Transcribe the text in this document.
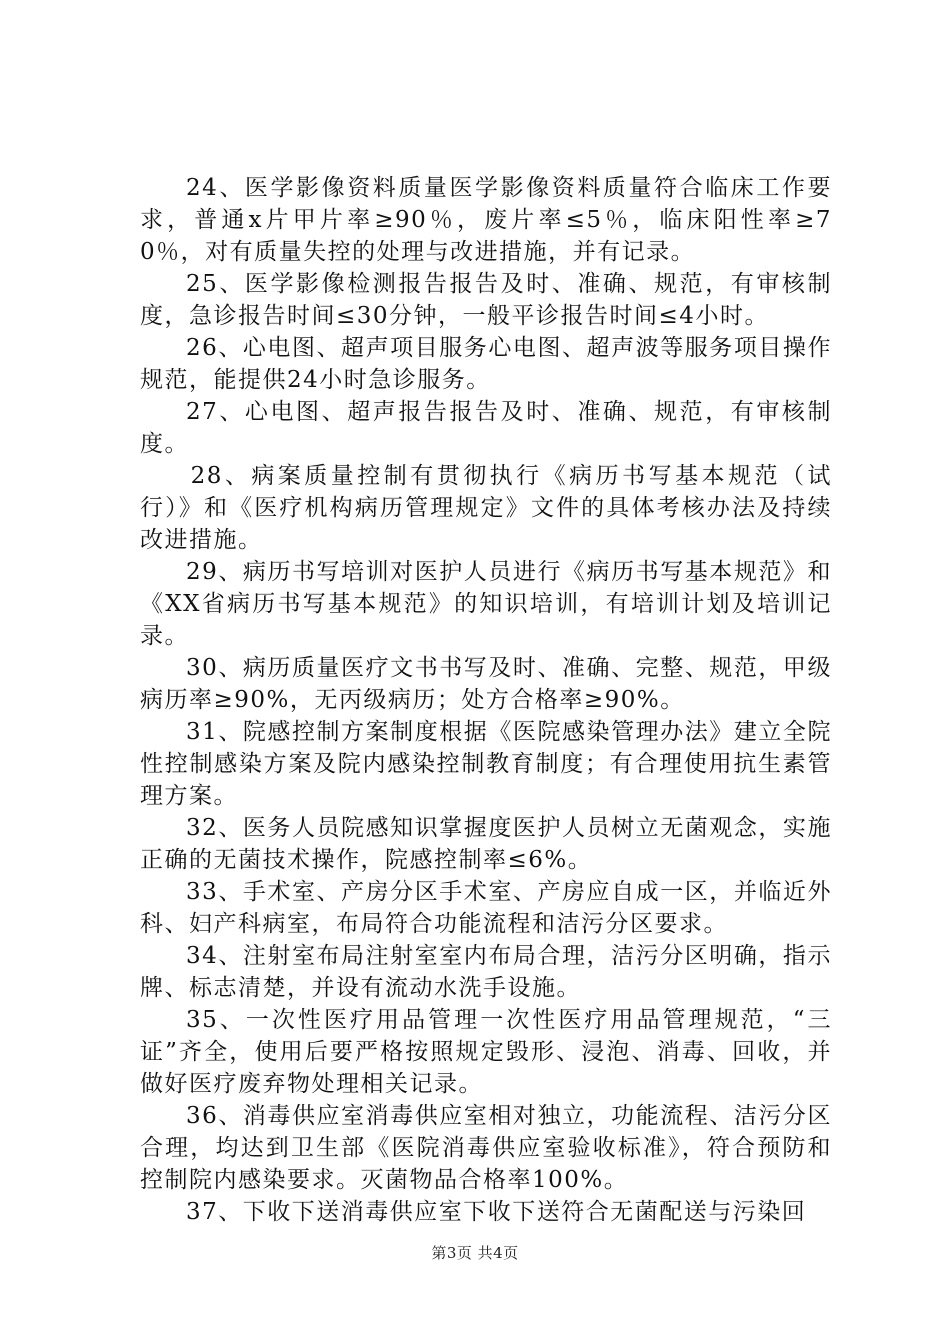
24、医学影像资料质量医学影像资料质量符合临床工作要求，普通x片甲片率≥90％，废片率≤5％，临床阳性率≥70％，对有质量失控的处理与改进措施，并有记录。

25、医学影像检测报告报告及时、准确、规范，有审核制度，急诊报告时间≤30分钟，一般平诊报告时间≤4小时。

26、心电图、超声项目服务心电图、超声波等服务项目操作规范，能提供24小时急诊服务。

27、心电图、超声报告报告及时、准确、规范，有审核制度。

28、病案质量控制有贯彻执行《病历书写基本规范（试行）》和《医疗机构病历管理规定》文件的具体考核办法及持续改进措施。

29、病历书写培训对医护人员进行《病历书写基本规范》和《XX省病历书写基本规范》的知识培训，有培训计划及培训记录。

30、病历质量医疗文书书写及时、准确、完整、规范，甲级病历率≥90%，无丙级病历；处方合格率≥90%。

31、院感控制方案制度根据《医院感染管理办法》建立全院性控制感染方案及院内感染控制教育制度；有合理使用抗生素管理方案。

32、医务人员院感知识掌握度医护人员树立无菌观念，实施正确的无菌技术操作，院感控制率≤6%。

33、手术室、产房分区手术室、产房应自成一区，并临近外科、妇产科病室，布局符合功能流程和洁污分区要求。

34、注射室布局注射室室内布局合理，洁污分区明确，指示牌、标志清楚，并设有流动水洗手设施。

35、一次性医疗用品管理一次性医疗用品管理规范，“三证”齐全，使用后要严格按照规定毁形、浸泡、消毒、回收，并做好医疗废弃物处理相关记录。

36、消毒供应室消毒供应室相对独立，功能流程、洁污分区合理，均达到卫生部《医院消毒供应室验收标准》，符合预防和控制院内感染要求。灭菌物品合格率100%。

37、下收下送消毒供应室下收下送符合无菌配送与污染回

第3页 共4页
